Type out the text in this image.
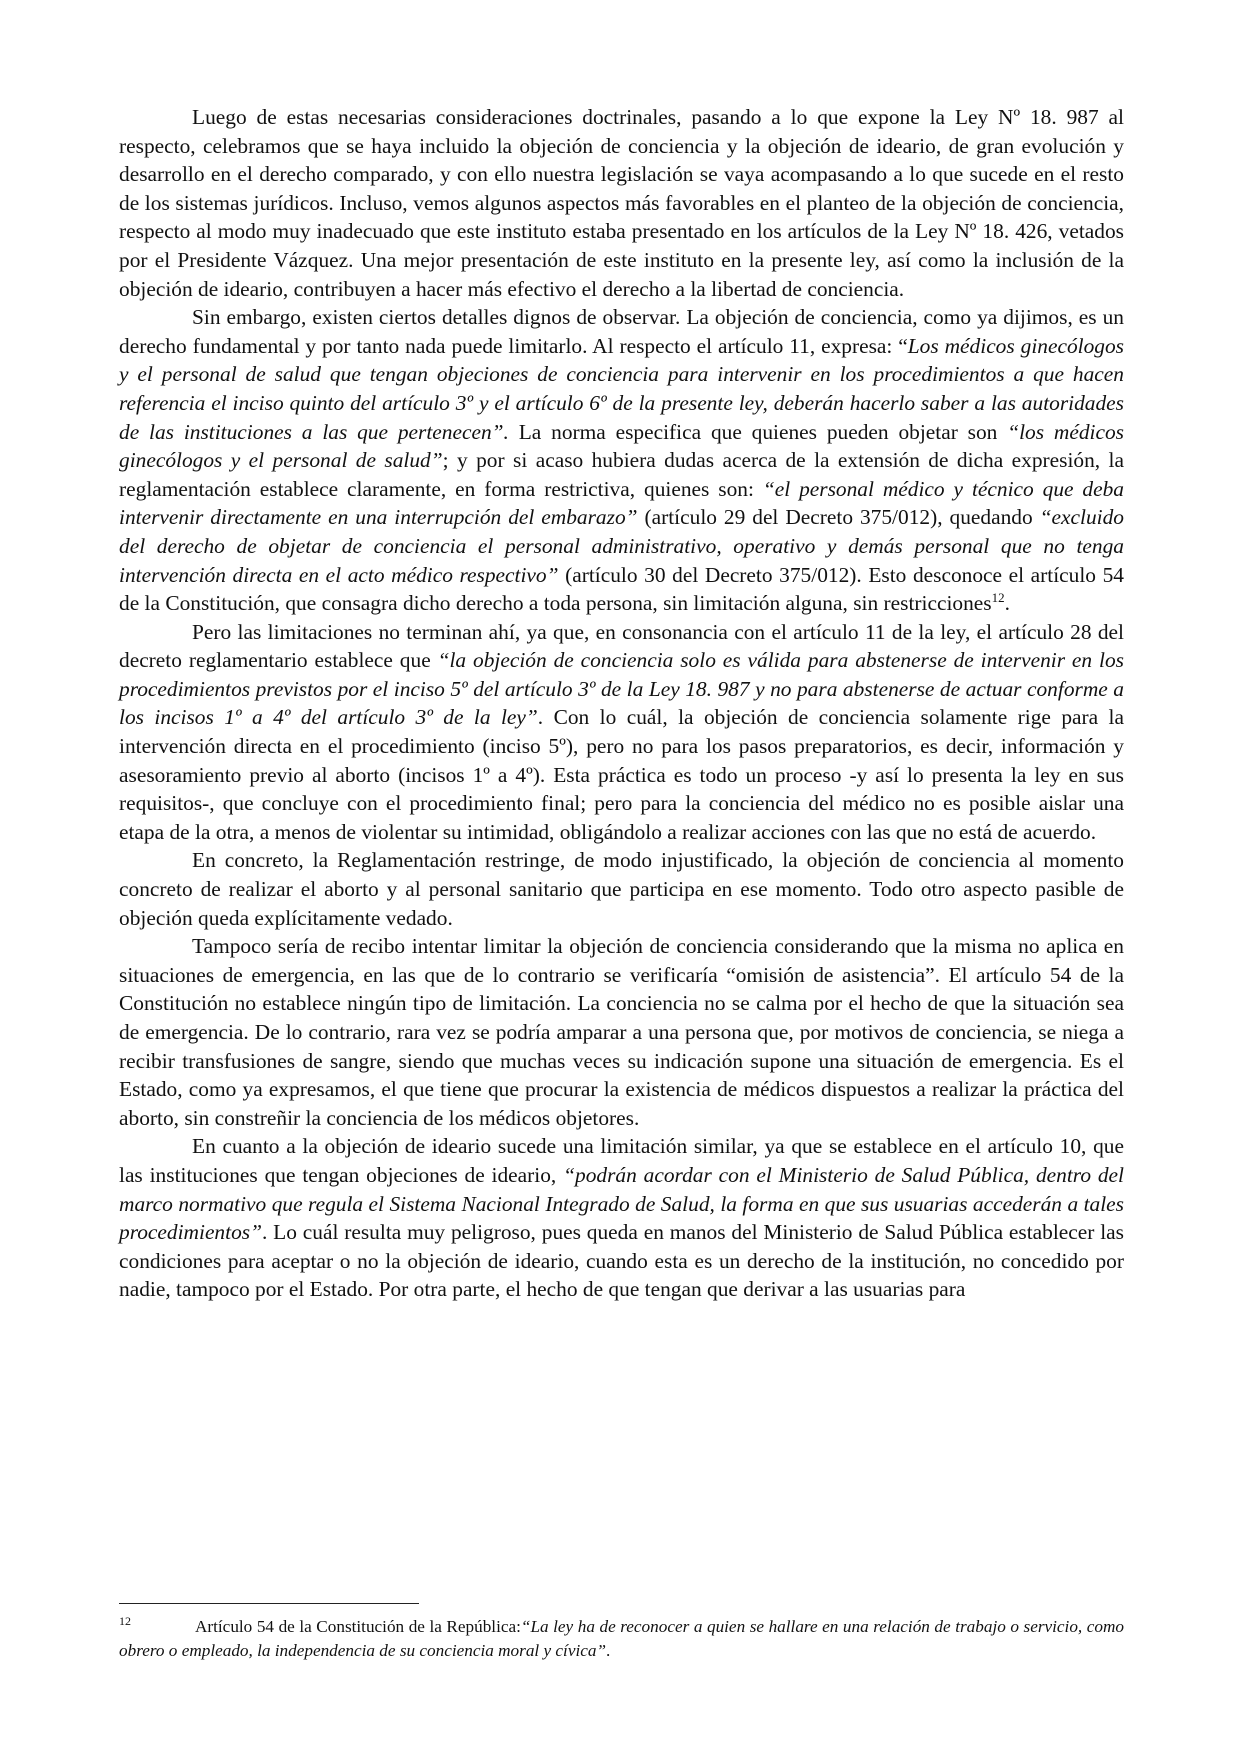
Luego de estas necesarias consideraciones doctrinales, pasando a lo que expone la Ley Nº 18. 987 al respecto, celebramos que se haya incluido la objeción de conciencia y la objeción de ideario, de gran evolución y desarrollo en el derecho comparado, y con ello nuestra legislación se vaya acompasando a lo que sucede en el resto de los sistemas jurídicos. Incluso, vemos algunos aspectos más favorables en el planteo de la objeción de conciencia, respecto al modo muy inadecuado que este instituto estaba presentado en los artículos de la Ley Nº 18. 426, vetados por el Presidente Vázquez. Una mejor presentación de este instituto en la presente ley, así como la inclusión de la objeción de ideario, contribuyen a hacer más efectivo el derecho a la libertad de conciencia.

Sin embargo, existen ciertos detalles dignos de observar. La objeción de conciencia, como ya dijimos, es un derecho fundamental y por tanto nada puede limitarlo. Al respecto el artículo 11, expresa: “Los médicos ginecólogos y el personal de salud que tengan objeciones de conciencia para intervenir en los procedimientos a que hacen referencia el inciso quinto del artículo 3º y el artículo 6º de la presente ley, deberán hacerlo saber a las autoridades de las instituciones a las que pertenecen”. La norma especifica que quienes pueden objetar son “los médicos ginecólogos y el personal de salud”; y por si acaso hubiera dudas acerca de la extensión de dicha expresión, la reglamentación establece claramente, en forma restrictiva, quienes son: “el personal médico y técnico que deba intervenir directamente en una interrupción del embarazo” (artículo 29 del Decreto 375/012), quedando “excluido del derecho de objetar de conciencia el personal administrativo, operativo y demás personal que no tenga intervención directa en el acto médico respectivo” (artículo 30 del Decreto 375/012). Esto desconoce el artículo 54 de la Constitución, que consagra dicho derecho a toda persona, sin limitación alguna, sin restricciones$^{12}$.

Pero las limitaciones no terminan ahí, ya que, en consonancia con el artículo 11 de la ley, el artículo 28 del decreto reglamentario establece que “la objeción de conciencia solo es válida para abstenerse de intervenir en los procedimientos previstos por el inciso 5º del artículo 3º de la Ley 18. 987 y no para abstenerse de actuar conforme a los incisos 1º a 4º del artículo 3º de la ley”. Con lo cuál, la objeción de conciencia solamente rige para la intervención directa en el procedimiento (inciso 5º), pero no para los pasos preparatorios, es decir, información y asesoramiento previo al aborto (incisos 1º a 4º). Esta práctica es todo un proceso -y así lo presenta la ley en sus requisitos-, que concluye con el procedimiento final; pero para la conciencia del médico no es posible aislar una etapa de la otra, a menos de violentar su intimidad, obligándolo a realizar acciones con las que no está de acuerdo.

En concreto, la Reglamentación restringe, de modo injustificado, la objeción de conciencia al momento concreto de realizar el aborto y al personal sanitario que participa en ese momento. Todo otro aspecto pasible de objeción queda explícitamente vedado.

Tampoco sería de recibo intentar limitar la objeción de conciencia considerando que la misma no aplica en situaciones de emergencia, en las que de lo contrario se verificaría “omisión de asistencia”. El artículo 54 de la Constitución no establece ningún tipo de limitación. La conciencia no se calma por el hecho de que la situación sea de emergencia. De lo contrario, rara vez se podría amparar a una persona que, por motivos de conciencia, se niega a recibir transfusiones de sangre, siendo que muchas veces su indicación supone una situación de emergencia. Es el Estado, como ya expresamos, el que tiene que procurar la existencia de médicos dispuestos a realizar la práctica del aborto, sin constreñir la conciencia de los médicos objetores.

En cuanto a la objeción de ideario sucede una limitación similar, ya que se establece en el artículo 10, que las instituciones que tengan objeciones de ideario, “podrán acordar con el Ministerio de Salud Pública, dentro del marco normativo que regula el Sistema Nacional Integrado de Salud, la forma en que sus usuarias accederán a tales procedimientos”. Lo cuál resulta muy peligroso, pues queda en manos del Ministerio de Salud Pública establecer las condiciones para aceptar o no la objeción de ideario, cuando esta es un derecho de la institución, no concedido por nadie, tampoco por el Estado. Por otra parte, el hecho de que tengan que derivar a las usuarias para

12	Artículo 54 de la Constitución de la República:“La ley ha de reconocer a quien se hallare en una relación de trabajo o servicio, como obrero o empleado, la independencia de su conciencia moral y cívica”.
